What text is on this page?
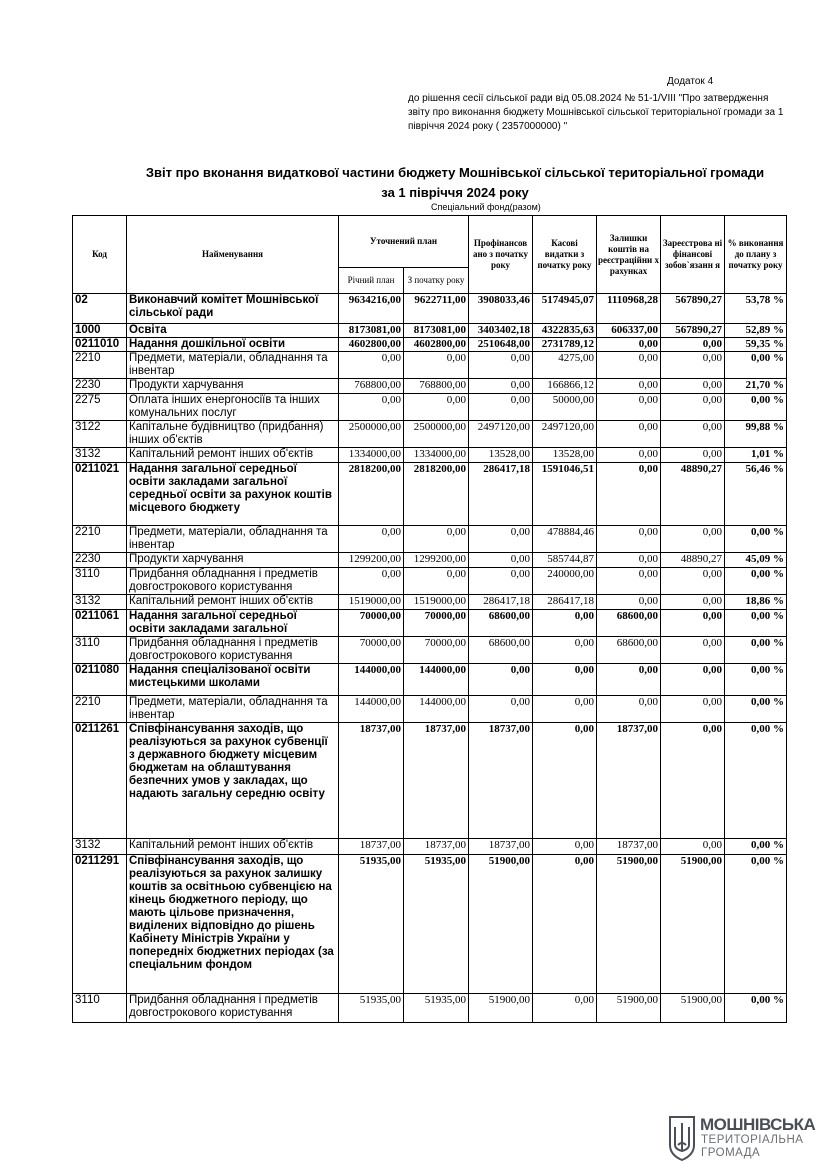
Додаток 4
до рішення сесії сільської ради від 05.08.2024 № 51-1/VIII "Про затвердження звіту про виконання бюджету Мошнівської сільської територіальної громади за 1 півріччя 2024 року ( 2357000000) "
Звіт про вконання видаткової частини бюджету Мошнівської сільської територіальної громади
за 1 півріччя 2024 року
Спеціальний фонд(разом)
Код	Найменування	Уточнений план		Профінансов ано з початку року	Касові видатки з початку року	Залишки коштів на реєстраційни х рахунках	Зареєстрова ні фінансові зобов`язанн я	% виконання до плану з початку року
		Річний план	З початку року					
02	Виконавчий комітет Мошнівської сільської ради	9634216,00	9622711,00	3908033,46	5174945,07	1110968,28	567890,27	53,78 %
1000	Освіта	8173081,00	8173081,00	3403402,18	4322835,63	606337,00	567890,27	52,89 %
0211010	Надання дошкільної освіти	4602800,00	4602800,00	2510648,00	2731789,12	0,00	0,00	59,35 %
2210	Предмети, матеріали, обладнання та інвентар	0,00	0,00	0,00	4275,00	0,00	0,00	0,00 %
2230	Продукти харчування	768800,00	768800,00	0,00	166866,12	0,00	0,00	21,70 %
2275	Оплата інших енергоносіїв та інших комунальних послуг	0,00	0,00	0,00	50000,00	0,00	0,00	0,00 %
3122	Капітальне будівництво (придбання) інших об'єктів	2500000,00	2500000,00	2497120,00	2497120,00	0,00	0,00	99,88 %
3132	Капітальний ремонт інших об'єктів	1334000,00	1334000,00	13528,00	13528,00	0,00	0,00	1,01 %
0211021	Надання загальної середньої освіти закладами загальної середньої освіти за рахунок коштів місцевого бюджету	2818200,00	2818200,00	286417,18	1591046,51	0,00	48890,27	56,46 %
2210	Предмети, матеріали, обладнання та інвентар	0,00	0,00	0,00	478884,46	0,00	0,00	0,00 %
2230	Продукти харчування	1299200,00	1299200,00	0,00	585744,87	0,00	48890,27	45,09 %
3110	Придбання обладнання і предметів довгострокового користування	0,00	0,00	0,00	240000,00	0,00	0,00	0,00 %
3132	Капітальний ремонт інших об'єктів	1519000,00	1519000,00	286417,18	286417,18	0,00	0,00	18,86 %
0211061	Надання загальної середньої освіти закладами загальної	70000,00	70000,00	68600,00	0,00	68600,00	0,00	0,00 %
3110	Придбання обладнання і предметів довгострокового користування	70000,00	70000,00	68600,00	0,00	68600,00	0,00	0,00 %
0211080	Надання спеціалізованої освіти мистецькими школами	144000,00	144000,00	0,00	0,00	0,00	0,00	0,00 %
2210	Предмети, матеріали, обладнання та інвентар	144000,00	144000,00	0,00	0,00	0,00	0,00	0,00 %
0211261	Співфінансування заходів, що реалізуються за рахунок субвенції з державного бюджету місцевим бюджетам на облаштування безпечних умов у закладах, що надають загальну середню освіту	18737,00	18737,00	18737,00	0,00	18737,00	0,00	0,00 %
3132	Капітальний ремонт інших об'єктів	18737,00	18737,00	18737,00	0,00	18737,00	0,00	0,00 %
0211291	Співфінансування заходів, що реалізуються за рахунок залишку коштів за освітньою субвенцією на кінець бюджетного періоду, що мають цільове призначення, виділених відповідно до рішень Кабінету Міністрів України у попередніх бюджетних періодах (за спеціальним фондом	51935,00	51935,00	51900,00	0,00	51900,00	51900,00	0,00 %
3110	Придбання обладнання і предметів довгострокового користування	51935,00	51935,00	51900,00	0,00	51900,00	51900,00	0,00 %
МОШНІВСЬКА
ТЕРИТОРІАЛЬНА
ГРОМАДА
